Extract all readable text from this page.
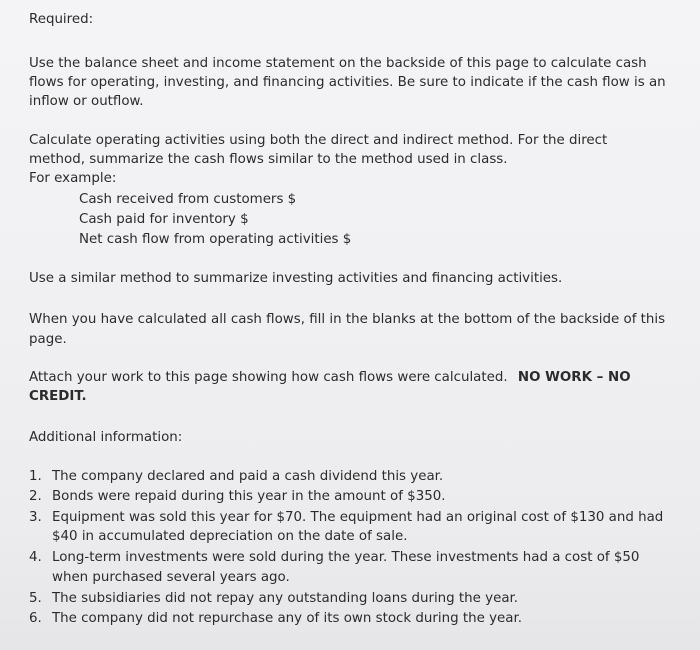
Required:
Use the balance sheet and income statement on the backside of this page to calculate cash
flows for operating, investing, and financing activities. Be sure to indicate if the cash flow is an
inflow or outflow.
Calculate operating activities using both the direct and indirect method. For the direct
method, summarize the cash flows similar to the method used in class.
For example:
Cash received from customers $
Cash paid for inventory $
Net cash flow from operating activities $
Use a similar method to summarize investing activities and financing activities.
When you have calculated all cash flows, fill in the blanks at the bottom of the backside of this
page.
Attach your work to this page showing how cash flows were calculated. NO WORK – NO
CREDIT.
Additional information:
1. The company declared and paid a cash dividend this year.
2. Bonds were repaid during this year in the amount of $350.
3. Equipment was sold this year for $70. The equipment had an original cost of $130 and had
$40 in accumulated depreciation on the date of sale.
4. Long-term investments were sold during the year. These investments had a cost of $50
when purchased several years ago.
5. The subsidiaries did not repay any outstanding loans during the year.
6. The company did not repurchase any of its own stock during the year.
